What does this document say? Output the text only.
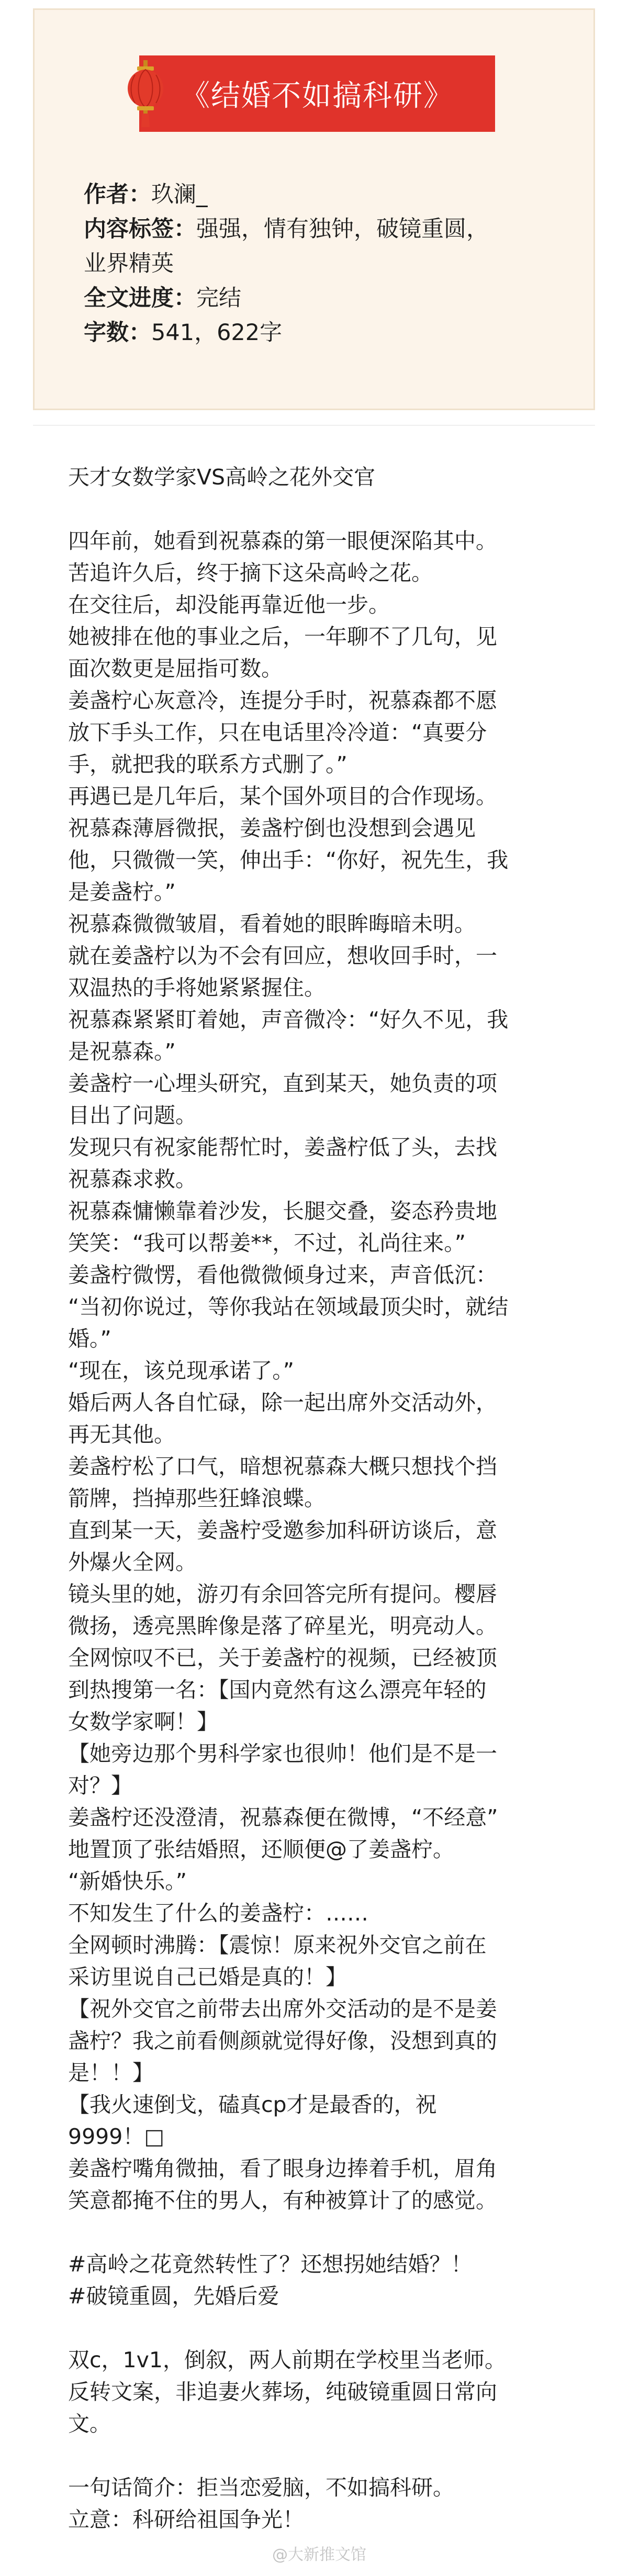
《结婚不如搞科研》
作者：玖澜_
内容标签：强强，情有独钟，破镜重圆，
业界精英
全文进度：完结
字数：541，622字

天才女数学家VS高岭之花外交官

四年前，她看到祝慕森的第一眼便深陷其中。

苦追许久后，终于摘下这朵高岭之花。

在交往后，却没能再靠近他一步。

她被排在他的事业之后，一年聊不了几句，见

面次数更是屈指可数。

姜盏柠心灰意冷，连提分手时，祝慕森都不愿

放下手头工作，只在电话里冷冷道：“真要分

手，就把我的联系方式删了。”

再遇已是几年后，某个国外项目的合作现场。

祝慕森薄唇微抿，姜盏柠倒也没想到会遇见

他，只微微一笑，伸出手：“你好，祝先生，我

是姜盏柠。”

祝慕森微微皱眉，看着她的眼眸晦暗未明。

就在姜盏柠以为不会有回应，想收回手时，一

双温热的手将她紧紧握住。

祝慕森紧紧盯着她，声音微冷：“好久不见，我

是祝慕森。”

姜盏柠一心埋头研究，直到某天，她负责的项

目出了问题。

发现只有祝家能帮忙时，姜盏柠低了头，去找

祝慕森求救。

祝慕森慵懒靠着沙发，长腿交叠，姿态矜贵地

笑笑：“我可以帮姜**，不过，礼尚往来。”

姜盏柠微愣，看他微微倾身过来，声音低沉：

“当初你说过，等你我站在领域最顶尖时，就结

婚。”

“现在，该兑现承诺了。”

婚后两人各自忙碌，除一起出席外交活动外，

再无其他。

姜盏柠松了口气，暗想祝慕森大概只想找个挡

箭牌，挡掉那些狂蜂浪蝶。

直到某一天，姜盏柠受邀参加科研访谈后，意

外爆火全网。

镜头里的她，游刃有余回答完所有提问。樱唇

微扬，透亮黑眸像是落了碎星光，明亮动人。

全网惊叹不已，关于姜盏柠的视频，已经被顶

到热搜第一名：【国内竟然有这么漂亮年轻的

女数学家啊！】

【她旁边那个男科学家也很帅！他们是不是一

对？】

姜盏柠还没澄清，祝慕森便在微博，“不经意”

地置顶了张结婚照，还顺便@了姜盏柠。

“新婚快乐。”

不知发生了什么的姜盏柠：……

全网顿时沸腾：【震惊！原来祝外交官之前在

采访里说自己已婚是真的！】

【祝外交官之前带去出席外交活动的是不是姜

盏柠？我之前看侧颜就觉得好像，没想到真的

是！！】

【我火速倒戈，磕真cp才是最香的，祝

9999！□

姜盏柠嘴角微抽，看了眼身边捧着手机，眉角

笑意都掩不住的男人，有种被算计了的感觉。

#高岭之花竟然转性了？还想拐她结婚？！

#破镜重圆，先婚后爱

双c，1v1，倒叙，两人前期在学校里当老师。

反转文案，非追妻火葬场，纯破镜重圆日常向

文。

一句话简介：拒当恋爱脑，不如搞科研。

立意：科研给祖国争光！

@大新推文馆
